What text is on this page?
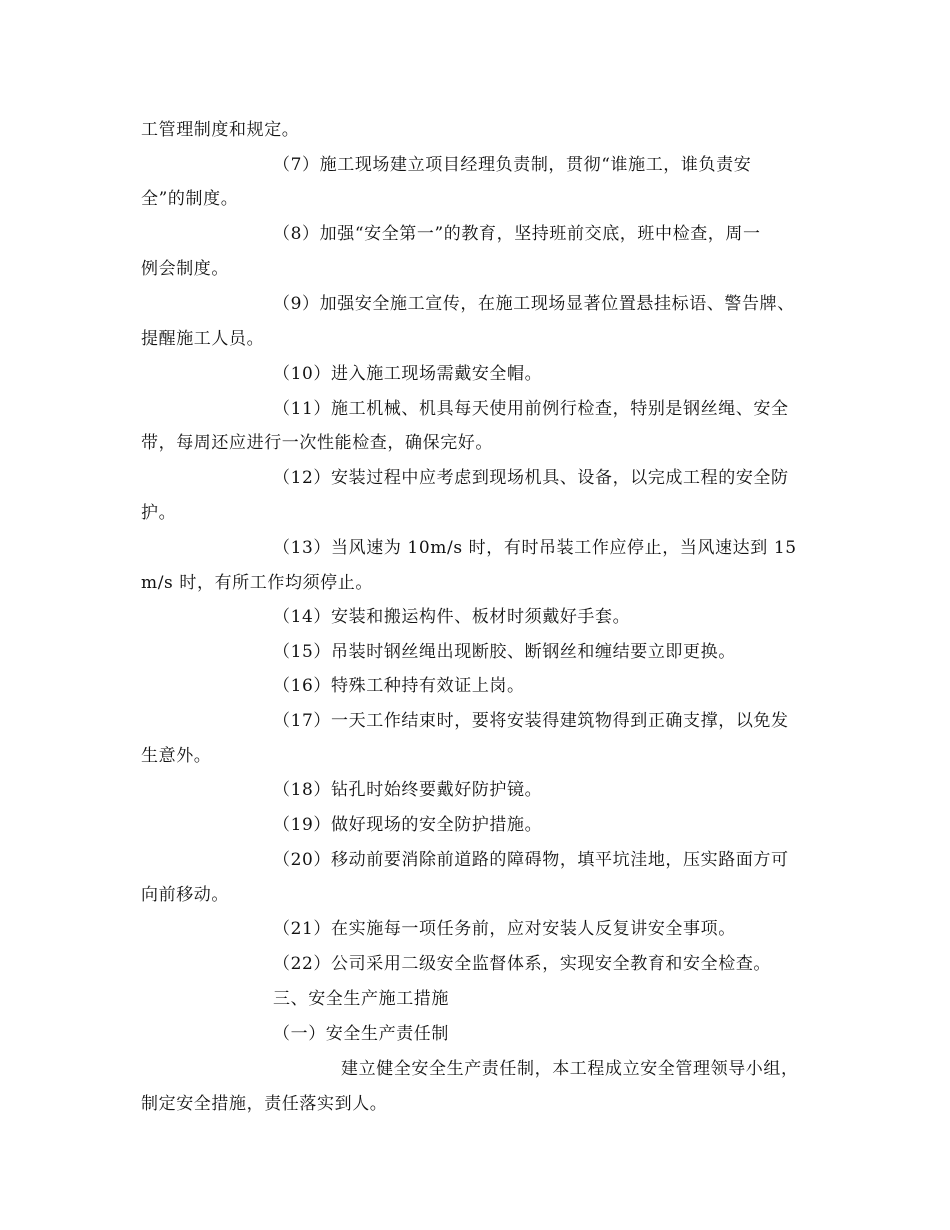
工管理制度和规定。
（7）施工现场建立项目经理负责制，贯彻“谁施工，谁负责安
全”的制度。
（8）加强“安全第一”的教育，坚持班前交底，班中检查，周一
例会制度。
（9）加强安全施工宣传，在施工现场显著位置悬挂标语、警告牌、
提醒施工人员。
（10）进入施工现场需戴安全帽。
（11）施工机械、机具每天使用前例行检查，特别是钢丝绳、安全
带，每周还应进行一次性能检查，确保完好。
（12）安装过程中应考虑到现场机具、设备，以完成工程的安全防
护。
（13）当风速为 10m/s 时，有时吊装工作应停止，当风速达到 15
m/s 时，有所工作均须停止。
（14）安装和搬运构件、板材时须戴好手套。
（15）吊装时钢丝绳出现断胶、断钢丝和缠结要立即更换。
（16）特殊工种持有效证上岗。
（17）一天工作结束时，要将安装得建筑物得到正确支撑，以免发
生意外。
（18）钻孔时始终要戴好防护镜。
（19）做好现场的安全防护措施。
（20）移动前要消除前道路的障碍物，填平坑洼地，压实路面方可
向前移动。
（21）在实施每一项任务前，应对安装人反复讲安全事项。
（22）公司采用二级安全监督体系，实现安全教育和安全检查。
三、安全生产施工措施
（一）安全生产责任制
建立健全安全生产责任制，本工程成立安全管理领导小组，
制定安全措施，责任落实到人。
